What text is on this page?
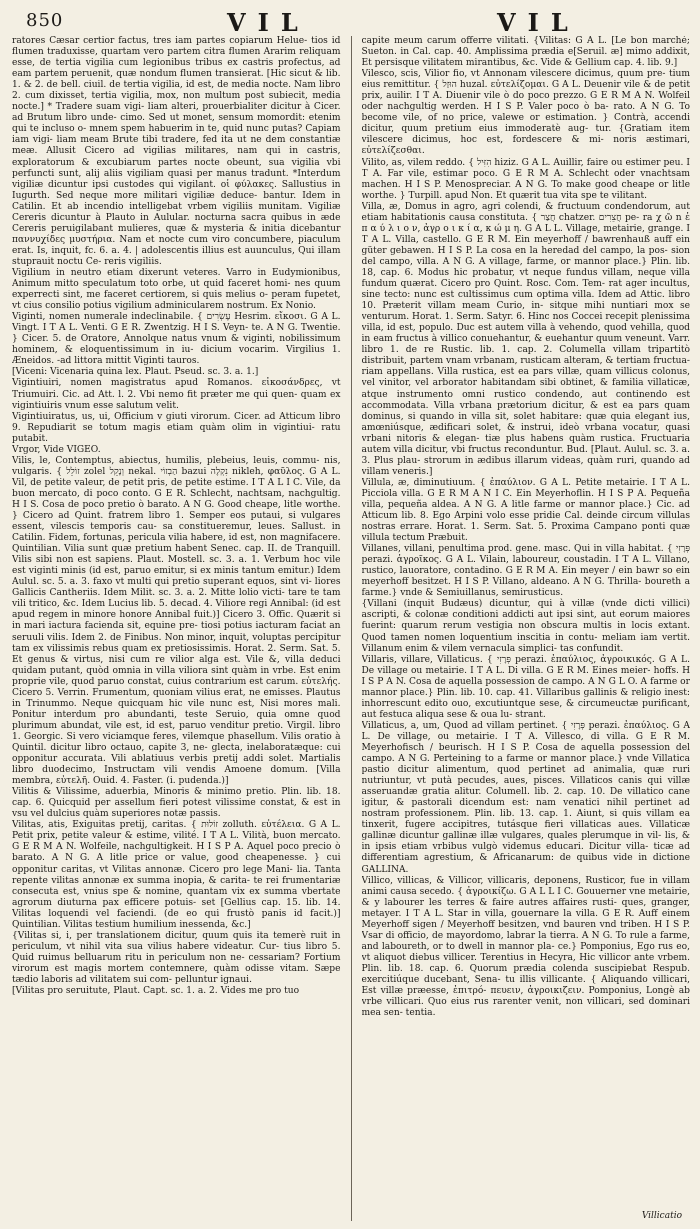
850	VIL	VIL

ratores Cæsar certior factus, tres iam partes copiarum Helue- tios id flumen traduxisse, quartam vero partem citra flumen Ararim reliquam esse, de tertia vigilia cum legionibus tribus ex castris profectus, ad eam partem peruenit, quæ nondum flumen transierat. [Hic sicut & lib. 1. & 2. de bell. ciuil. de tertia vigilia, id est, de media nocte. Nam libro 2. cum dixisset, tertia vigilia, mox, non multum post subiecit, media nocte.] * Tradere suam vigi- liam alteri, prouerbialiter dicitur à Cicer. ad Brutum libro unde- cimo. Sed ut monet, sensum momordit: etenim qui te incluso o- mnem spem habuerim in te, quid nunc putas? Capiam iam vigi- liam meam Brute tibi tradere, fed ita ut ne dem constantiæ meæ. Allusit Cicero ad vigilias militares, nam qui in castris, exploratorum & excubiarum partes nocte obeunt, sua vigilia vbi perfuncti sunt, alij aliis vigiliam quasi per manus tradunt. *Interdum vigiliæ dicuntur ipsi custodes qui vigilant. οἱ φύλακες. Sallustius in Iugurth. Sed neque more militari vigiliæ deduce- bantur. Idem in Catilin. Et ab incendio intelligebat vrbem vigiliis munitam. Vigiliæ Cereris dicuntur à Plauto in Aulular. nocturna sacra quibus in æde Cereris peruigilabant mulieres, quæ & mysteria & initia dicebantur παννυχίδες μυστήρια. Nam et nocte cum viro concumbere, piaculum erat. Is, inquit, fc. 6. a. 4. | adolescentis illius est auunculus, Qui illam stuprauit noctu Ce- reris vigiliis.

Vigilium in neutro etiam dixerunt veteres. Varro in Eudymionibus, Animum mitto speculatum toto orbe, ut quid faceret homi- nes quum experrecti sint, me faceret certiorem, si quis melius o- peram fupetet, vt cius consilio potius vigilium adminicularem nostrum. Ex Nonio.

Viginti, nomen numerale indeclinabile. { עֶשְׂרִים Hesrim. εἴκοσι. G A L. Vingt. I T A L. Venti. G E R. Zwentzig. H I S. Veyn- te. A N G. Twentie. } Cicer. 5. de Oratore, Annolque natus vnum & viginti, nobilissimum hominem, & eloquentissimum in iu- dicium vocarim. Virgilius 1. Æneidos. -ad littora mittit Viginti tauros.

[Viceni: Vicenaria quina lex. Plaut. Pseud. sc. 3. a. 1.]

Vigintiuiri, nomen magistratus apud Romanos. εἰκοσάνδρες, vt Triumuiri. Cic. ad Att. l. 2. Vbi nemo fit præter me qui quen- quam ex vigintiuiris vnum esse salutum velit.

Vigintiuiratus, us, ui, Officium v giuti virorum. Cicer. ad Atticum libro 9. Repudiarit se totum magis etiam quàm olim in vigintiui- ratu putabit.

Vrgor, Vide VIGEO.

Vilis, le, Contemptus, abiectus, humilis, plebeius, leuis, commu- nis, vulgaris. { זוֹלֵל zolel וְנָקֵל nekal. הַבְזוֹי bazui נִקְלֶה nikleh, φαῦλος. G A L. Vil, de petite valeur, de petit pris, de petite estime. I T A L I C. Vile, da buon mercato, di poco conto. G E R. Schlecht, nachtsam, nachgultig. H I S. Cosa de poco pretio ò barato. A N G. Good cheape, litle worthe. } Cicero ad Quint. fratrem libro 1. Semper eos putaui, si vulgares essent, vilescis temporis cau- sa constitueremur, leues. Sallust. in Catilin. Fidem, fortunas, pericula vilia habere, id est, non magnifacere. Quintilian. Vilia sunt quæ pretium habent Senec. cap. II. de Tranquill. Vilis sibi non est sapiens. Plaut. Mostell. sc. 3. a. 1. Verbum hoc vile est viginti minis (id est, paruo emitur, si ex minis tantum emitur.) Idem Aulul. sc. 5. a. 3. faxo vt multi qui pretio superant equos, sint vi- liores Gallicis Cantheriis. Idem Milit. sc. 3. a. 2. Mitte lolio victi- tare te tam vili tritico, &c. Idem Lucius lib. 5. decad. 4. Viliore regi Annibal: (id est apud regem in minore honore Annibal fuit.)] Cicero 3. Offic. Quærit si in mari iactura facienda sit, equine pre- tiosi potius iacturam faciat an seruuli vilis. Idem 2. de Finibus. Non minor, inquit, voluptas percipitur tam ex vilissimis rebus quam ex pretiosissimis. Horat. 2. Serm. Sat. 5. Et genus & virtus, nisi cum re vilior alga est. Vile &, villa deduci quidam putant, quòd omnia in villa viliora sint quàm in vrbe. Est enim proprie vile, quod paruo constat, cuius contrarium est carum. εὐτελής. Cicero 5. Verrin. Frumentum, quoniam vilius erat, ne emisses. Plautus in Trinummo. Neque quicquam hic vile nunc est, Nisi mores mali. Ponitur interdum pro abundanti, teste Seruio, quia omne quod plurimum abundat, vile est, id est, paruo venditur pretio. Virgil. libro 1. Georgic. Si vero viciamque feres, vilemque phasellum. Vilis oratio à Quintil. dicitur libro octauo, capite 3, ne- glecta, inelaboratæque: cui opponitur accurata. Vili ablatiuus verbis pretij addi solet. Martialis libro duodecimo, Instructam vili vendis Amoene domum. [Villa membra, εὐτελῆ. Ouid. 4. Faster. (i. pudenda.)]

Vilitis & Vilissime, aduerbia, Minoris & minimo pretio. Plin. lib. 18. cap. 6. Quicquid per assellum fieri potest vilissime constat, & est in vsu vel dulcius quàm superiores notæ passis.

Vilitas, atis, Exiguitas pretij, caritas. { זוֹלוּת zolluth. εὐτέλεια. G A L. Petit prix, petite valeur & estime, vilité. I T A L. Vilità, buon mercato. G E R M A N. Wolfeile, nachgultigkeit. H I S P A. Aquel poco precio ò barato. A N G. A litle price or value, good cheapenesse. } cui opponitur caritas, vt Vilitas annonæ. Cicero pro lege Mani- lia. Tanta repente vilitas annonæ ex summa inopia, & carita- te rei frumentariæ consecuta est, vnius spe & nomine, quantam vix ex summa vbertate agrorum diuturna pax efficere potuis- set [Gellius cap. 15. lib. 14. Vilitas loquendi vel faciendi. (de eo qui frustò panis id facit.)] Quintilian. Vilitas testium humilium inessenda, &c.]

{Vilitas si, i, per translationem dicitur, quum quis ita temerè ruit in periculum, vt nihil vita sua vilius habere videatur. Cur- tius libro 5. Quid ruimus belluarum ritu in periculum non ne- cessariam? Fortium virorum est magis mortem contemnere, quàm odisse vitam. Sæpe tædio laboris ad vilitatem sui com- pelluntur ignaui.

[Vilitas pro seruitute, Plaut. Capt. sc. 1. a. 2. Vides me pro tuo

capite meum carum offerre vilitati. {Vilitas: G A L. [Le bon marché; Sueton. in Cal. cap. 40. Amplissima prædia e[Seruil. æ] mimo addixit, Et persisque vilitatem mirantibus, &c. Vide & Gellium cap. 4. lib. 9.]

Vilesco, scis, Vilior fio, vt Annonam vilescere dicimus, quum pre- tium eius remittitur. { הוּזַל huzal. εὐτελίζομαι. G A L. Deuenir vile & de petit prix, auilir. I T A. Diuenir vile ò do poco prezzo. G E R M A N. Wolfeil oder nachgultig werden. H I S P. Valer poco ò ba- rato. A N G. To become vile, of no price, valewe or estimation. } Contrà, accendi dicitur, quum pretium eius immoderatè aug- tur. {Gratiam item vilescere dicimus, hoc est, fordescere & mi- noris æstimari, εὐτελίζεσθαι.

Vilito, as, vilem reddo. { הִזִּיל hiziz. G A L. Auillir, faire ou estimer peu. I T A. Far vile, estimar poco. G E R M A. Schlecht oder vnachtsam machen. H I S P. Menospreciar. A N G. To make good cheape or litle worthe. } Turpill. apud Non. Et quærit tua vita spe te vilitant.

Villa, æ, Domus in agro, agri colendi, & fructuum condendorum, aut etiam habitationis causa constituta. { חֲצַר chatzer. חֲצֵרִים pe- ra χ ῶ n ἐ π α ύ λ ι ο ν, ἀγρ ο ι κ ί α, κ ώ μ η. G A L L. Village, metairie, grange. I T A L. Villa, castello. G E R M. Ein meyerhoff / bawrenhauß auff ein güter gebawen. H I S P. La cosa en la heredad del campo, la pos- sion del campo, villa. A N G. A village, farme, or mannor place.} Plin. lib. 18, cap. 6. Modus hic probatur, vt neque fundus villam, neque villa fundum quærat. Cicero pro Quint. Rosc. Com. Tem- rat ager incultus, sine tecto: nunc est cultissimus cum optima villa. Idem ad Attic. libro 10. Præterit villam meam Curio, in- sitque mihi nuntiari mox se venturum. Horat. 1. Serm. Satyr. 6. Hinc nos Coccei recepit plenissima villa, id est, populo. Duc est autem villa à vehendo, quod vehilla, quod in eam fructus à villico conuehantur, & euehantur quum veneunt. Varr. libro 1. de re Rustic. lib. 1. cap. 2. Columella villam tripartitò distribuit, partem vnam vrbanam, rusticam alteram, & tertiam fructua- riam appellans. Villa rustica, est ea pars villæ, quam villicus colonus, vel vinitor, vel arborator habitandam sibi obtinet, & familia villaticæ, atque instrumento omni rustico condendo, aut continendo est accommodata. Villa vrbana prætorium dicitur, & est ea pars quam dominus, si quando in villa sit, solet habitare: quæ quia elegant ius, amœniúsque, ædificari solet, & instrui, ideò vrbana vocatur, quasi vrbani nitoris & elegan- tiæ plus habens quàm rustica. Fructuaria autem villa dicitur, vbi fructus reconduntur. Bud. [Plaut. Aulul. sc. 3. a. 3. Plus plau- strorum in ædibus illarum videas, quàm ruri, quando ad villam veneris.]

Villula, æ, diminutiuum. { ἐπαύλιον. G A L. Petite metairie. I T A L. Picciola villa. G E R M A N I C. Ein Meyerhoflin. H I S P A. Pequeña villa, pequeña aldea. A N G. A litle farme or mannor place.} Cic. ad Atticum lib. 8. Ego Arpini volo esse pridie Cal. deinde circum villulas nostras errare. Horat. 1. Serm. Sat. 5. Proxima Campano ponti quæ villula tectum Præbuit.

Villanes, villani, penultima prod. gene. masc. Qui in villa habitat. { פְּרָזִי perazi. ἀγροῖκος. G A L. Vilain, laboureur, coustadin. I T A L. Villano, rustico, lauoratore, contadino. G E R M A. Ein meyer / ein bawr so ein meyerhoff besitzet. H I S P. Villano, aldeano. A N G. Thrilla- boureth a farme.} vnde & Semiuillanus, semirusticus.

{Villani (inquit Budæus) dicuntur, qui à villæ (vnde dicti villici) ascripti, & colonæ conditioni addicti aut ipsi sint, aut eorum maiores fuerint: quarum rerum vestigia non obscura multis in locis extant. Quod tamen nomen loquentium inscitia in contu- meliam iam vertit. Villanum enim & vilem vernacula simplici- tas confundit.

Villaris, villare, Villaticus. { פְּרָזִי perazi. ἐπαύλιος, ἀγροικικός. G A L. De village ou metairie. I T A L. Di villa. G E R M. Eines meier- hoffs. H I S P A N. Cosa de aquella possession de campo. A N G L O. A farme or mannor place.} Plin. lib. 10. cap. 41. Villaribus gallinis & religio inest: inhorrescunt edito ouo, excutiuntque sese, & circumeuctæ purificant, aut festuca aliqua sese & oua lu- strant.

Villaticus, a, um, Quod ad villam pertinet. { פְּרָזִי perazi. ἐπαύλιος. G A L. De village, ou metairie. I T A. Villesco, di villa. G E R M. Meyerhofisch / beurisch. H I S P. Cosa de aquella possession del campo. A N G. Perteining to a farme or mannor place.} vnde Villatica pastio dicitur alimentum, quod pertinet ad animalia, quæ ruri nutriuntur, vt putà pecudes, aues, pisces. Villaticos canis qui villæ asseruandæ gratia alitur. Columell. lib. 2. cap. 10. De villatico cane igitur, & pastorali dicendum est: nam venatici nihil pertinet ad nostram professionem. Plin. lib. 13. cap. 1. Aiunt, si quis villam ea tinxerit, fugere accipitres, tutásque fieri villaticas aues. Villaticæ gallinæ dicuntur gallinæ illæ vulgares, quales plerumque in vil- lis, & in ipsis etiam vrbibus vulgò videmus educari. Dicitur villa- ticæ ad differentiam agrestium, & Africanarum: de quibus vide in dictione GALLINA.

Villico, villicas, & Villicor, villicaris, deponens, Rusticor, fue in villam animi causa secedo. { ἀγροικίζω. G A L L I C. Gouuerner vne metairie, & y labourer les terres & faire autres affaires rusti- ques, granger, metayer. I T A L. Star in villa, gouernare la villa. G E R. Auff einem Meyerhoff sigen / Meyerhoff besitzen, vnd bauren vnd triben. H I S P. Vsar di officio, de mayordomo, labrar la tierra. A N G. To rule a farme, and laboureth, or to dwell in mannor pla- ce.} Pomponius, Ego rus eo, vt aliquot diebus villicer. Terentius in Hecyra, Hic villicor ante vrbem. Plin. lib. 18. cap. 6. Quorum prædia colenda suscipiebat Respub. exercitiúque ducebant, Sena- tu illis villicante. { Aliquando villicari, Est villæ præesse, ἐπιτρό- πευειν, ἀγροικιζειν. Pomponius, Longè ab vrbe villicari. Quo eius rus rarenter venit, non villicari, sed dominari mea sen- tentia.

Villicatio
